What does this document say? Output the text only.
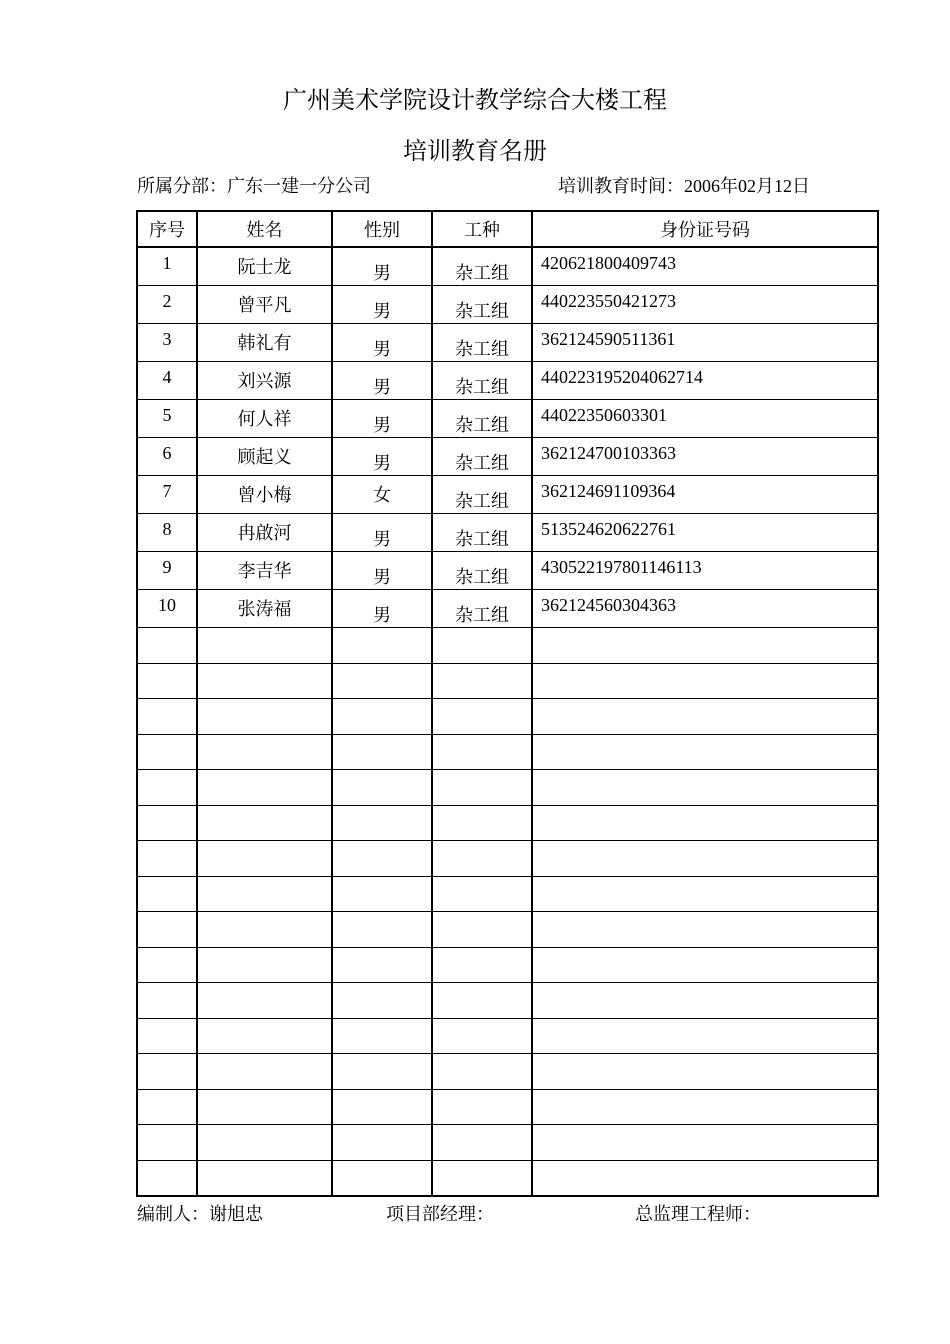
广州美术学院设计教学综合大楼工程
培训教育名册
所属分部：广东一建一分公司	培训教育时间：2006年02月12日
序号	姓名	性别	工种	身份证号码
1	阮士龙	男	杂工组	420621800409743
2	曾平凡	男	杂工组	440223550421273
3	韩礼有	男	杂工组	362124590511361
4	刘兴源	男	杂工组	440223195204062714
5	何人祥	男	杂工组	44022350603301
6	顾起义	男	杂工组	362124700103363
7	曾小梅	女	杂工组	362124691109364
8	冉啟河	男	杂工组	513524620622761
9	李吉华	男	杂工组	430522197801146113
10	张涛福	男	杂工组	362124560304363

编制人：谢旭忠	项目部经理：	总监理工程师：
